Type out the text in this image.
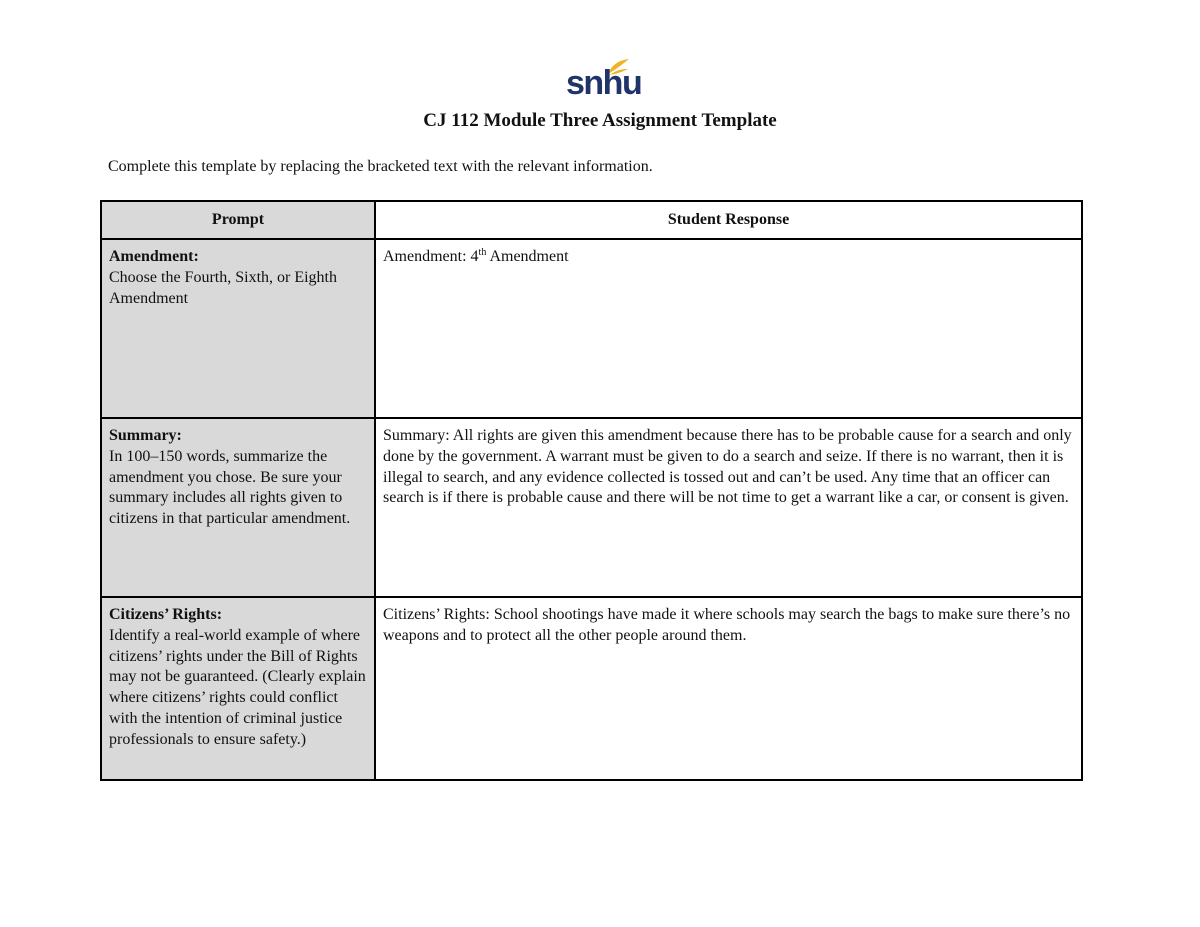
snhu
CJ 112 Module Three Assignment Template
Complete this template by replacing the bracketed text with the relevant information.
Prompt	Student Response

Amendment:
Choose the Fourth, Sixth, or Eighth Amendment	Amendment: 4th Amendment

Summary:
In 100–150 words, summarize the amendment you chose. Be sure your summary includes all rights given to citizens in that particular amendment.	Summary: All rights are given this amendment because there has to be probable cause for a search and only done by the government. A warrant must be given to do a search and seize. If there is no warrant, then it is illegal to search, and any evidence collected is tossed out and can’t be used. Any time that an officer can search is if there is probable cause and there will be not time to get a warrant like a car, or consent is given.

Citizens’ Rights:
Identify a real-world example of where citizens’ rights under the Bill of Rights may not be guaranteed. (Clearly explain where citizens’ rights could conflict with the intention of criminal justice professionals to ensure safety.)	Citizens’ Rights: School shootings have made it where schools may search the bags to make sure there’s no weapons and to protect all the other people around them.
